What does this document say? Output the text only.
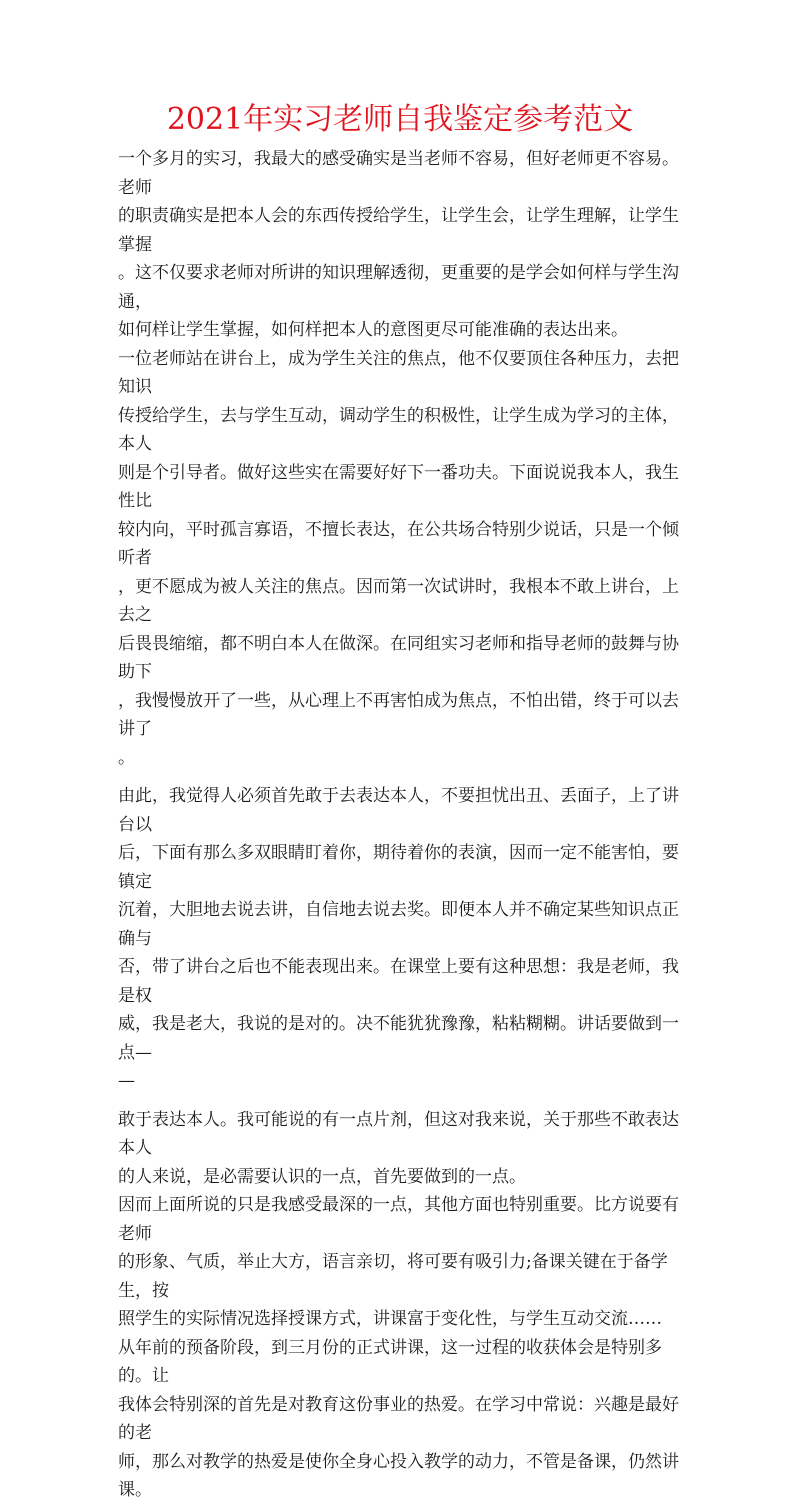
2021年实习老师自我鉴定参考范文

一个多月的实习，我最大的感受确实是当老师不容易，但好老师更不容易。老师
的职责确实是把本人会的东西传授给学生，让学生会，让学生理解，让学生掌握
。这不仅要求老师对所讲的知识理解透彻，更重要的是学会如何样与学生沟通，
如何样让学生掌握，如何样把本人的意图更尽可能准确的表达出来。

一位老师站在讲台上，成为学生关注的焦点，他不仅要顶住各种压力，去把知识
传授给学生，去与学生互动，调动学生的积极性，让学生成为学习的主体，本人
则是个引导者。做好这些实在需要好好下一番功夫。下面说说我本人，我生性比
较内向，平时孤言寡语，不擅长表达，在公共场合特别少说话，只是一个倾听者
，更不愿成为被人关注的焦点。因而第一次试讲时，我根本不敢上讲台，上去之
后畏畏缩缩，都不明白本人在做深。在同组实习老师和指导老师的鼓舞与协助下
，我慢慢放开了一些，从心理上不再害怕成为焦点，不怕出错，终于可以去讲了
。

由此，我觉得人必须首先敢于去表达本人，不要担忧出丑、丢面子，上了讲台以
后，下面有那么多双眼睛盯着你，期待着你的表演，因而一定不能害怕，要镇定
沉着，大胆地去说去讲，自信地去说去奖。即便本人并不确定某些知识点正确与
否，带了讲台之后也不能表现出来。在课堂上要有这种思想：我是老师，我是权
威，我是老大，我说的是对的。决不能犹犹豫豫，粘粘糊糊。讲话要做到一点—
—

敢于表达本人。我可能说的有一点片剂，但这对我来说，关于那些不敢表达本人
的人来说，是必需要认识的一点，首先要做到的一点。

因而上面所说的只是我感受最深的一点，其他方面也特别重要。比方说要有老师
的形象、气质，举止大方，语言亲切，将可要有吸引力;备课关键在于备学生，按
照学生的实际情况选择授课方式，讲课富于变化性，与学生互动交流……

从年前的预备阶段，到三月份的正式讲课，这一过程的收获体会是特别多的。让
我体会特别深的首先是对教育这份事业的热爱。在学习中常说：兴趣是最好的老
师，那么对教学的热爱是使你全身心投入教学的动力，不管是备课，仍然讲课。
